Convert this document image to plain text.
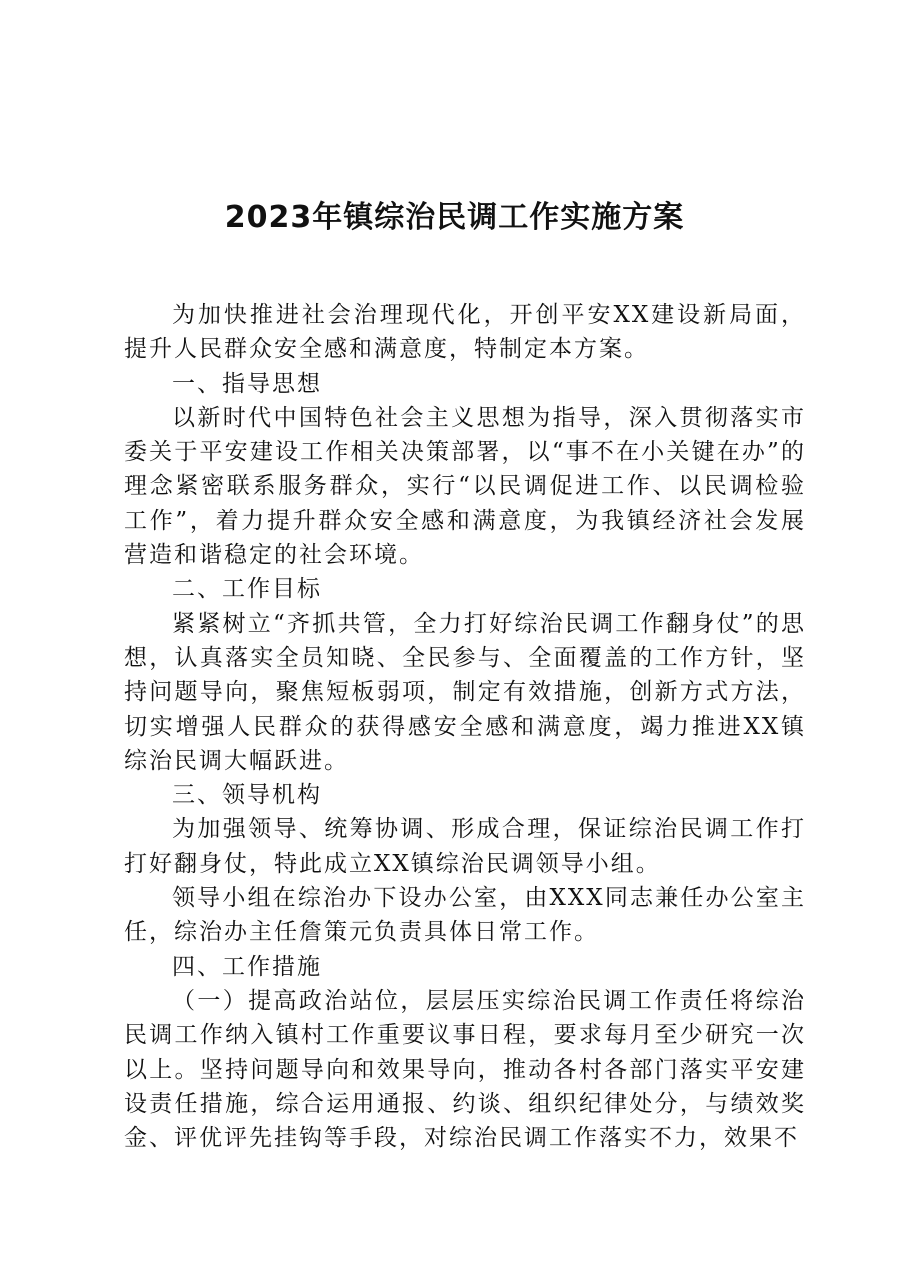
2023年镇综治民调工作实施方案

为加快推进社会治理现代化，开创平安XX建设新局面，提升人民群众安全感和满意度，特制定本方案。

一、指导思想

以新时代中国特色社会主义思想为指导，深入贯彻落实市委关于平安建设工作相关决策部署，以“事不在小关键在办”的理念紧密联系服务群众，实行“以民调促进工作、以民调检验工作”，着力提升群众安全感和满意度，为我镇经济社会发展营造和谐稳定的社会环境。

二、工作目标

紧紧树立“齐抓共管，全力打好综治民调工作翻身仗”的思想，认真落实全员知晓、全民参与、全面覆盖的工作方针，坚持问题导向，聚焦短板弱项，制定有效措施，创新方式方法，切实增强人民群众的获得感安全感和满意度，竭力推进XX镇综治民调大幅跃进。

三、领导机构

为加强领导、统筹协调、形成合理，保证综治民调工作打打好翻身仗，特此成立XX镇综治民调领导小组。

领导小组在综治办下设办公室，由XXX同志兼任办公室主任，综治办主任詹策元负责具体日常工作。

四、工作措施

（一）提高政治站位，层层压实综治民调工作责任将综治民调工作纳入镇村工作重要议事日程，要求每月至少研究一次以上。坚持问题导向和效果导向，推动各村各部门落实平安建设责任措施，综合运用通报、约谈、组织纪律处分，与绩效奖金、评优评先挂钩等手段，对综治民调工作落实不力，效果不
